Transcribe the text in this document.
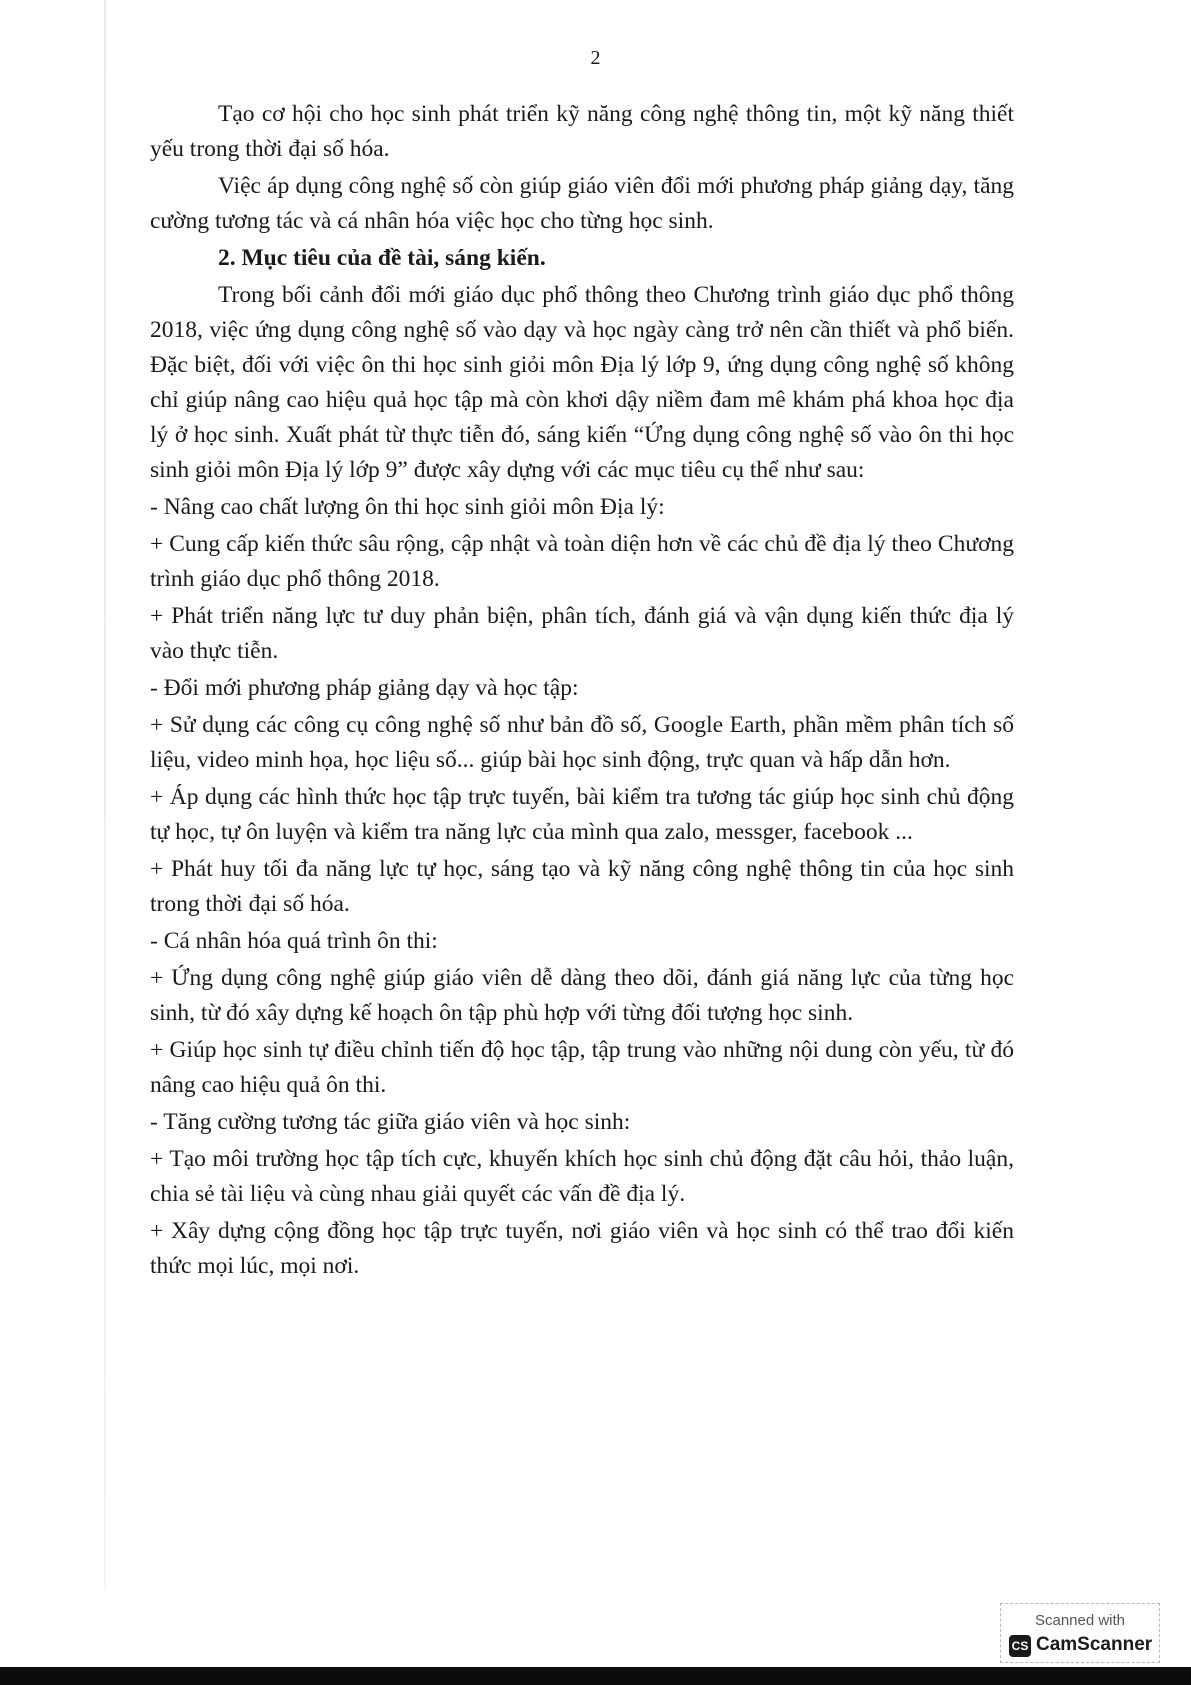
2

Tạo cơ hội cho học sinh phát triển kỹ năng công nghệ thông tin, một kỹ năng thiết yếu trong thời đại số hóa.

Việc áp dụng công nghệ số còn giúp giáo viên đổi mới phương pháp giảng dạy, tăng cường tương tác và cá nhân hóa việc học cho từng học sinh.

2. Mục tiêu của đề tài, sáng kiến.

Trong bối cảnh đổi mới giáo dục phổ thông theo Chương trình giáo dục phổ thông 2018, việc ứng dụng công nghệ số vào dạy và học ngày càng trở nên cần thiết và phổ biến. Đặc biệt, đối với việc ôn thi học sinh giỏi môn Địa lý lớp 9, ứng dụng công nghệ số không chỉ giúp nâng cao hiệu quả học tập mà còn khơi dậy niềm đam mê khám phá khoa học địa lý ở học sinh. Xuất phát từ thực tiễn đó, sáng kiến “Ứng dụng công nghệ số vào ôn thi học sinh giỏi môn Địa lý lớp 9” được xây dựng với các mục tiêu cụ thể như sau:

- Nâng cao chất lượng ôn thi học sinh giỏi môn Địa lý:

+ Cung cấp kiến thức sâu rộng, cập nhật và toàn diện hơn về các chủ đề địa lý theo Chương trình giáo dục phổ thông 2018.

+ Phát triển năng lực tư duy phản biện, phân tích, đánh giá và vận dụng kiến thức địa lý vào thực tiễn.

- Đổi mới phương pháp giảng dạy và học tập:

+ Sử dụng các công cụ công nghệ số như bản đồ số, Google Earth, phần mềm phân tích số liệu, video minh họa, học liệu số... giúp bài học sinh động, trực quan và hấp dẫn hơn.

+ Áp dụng các hình thức học tập trực tuyến, bài kiểm tra tương tác giúp học sinh chủ động tự học, tự ôn luyện và kiểm tra năng lực của mình qua zalo, messger, facebook ...

+ Phát huy tối đa năng lực tự học, sáng tạo và kỹ năng công nghệ thông tin của học sinh trong thời đại số hóa.

- Cá nhân hóa quá trình ôn thi:

+ Ứng dụng công nghệ giúp giáo viên dễ dàng theo dõi, đánh giá năng lực của từng học sinh, từ đó xây dựng kế hoạch ôn tập phù hợp với từng đối tượng học sinh.

+ Giúp học sinh tự điều chỉnh tiến độ học tập, tập trung vào những nội dung còn yếu, từ đó nâng cao hiệu quả ôn thi.

- Tăng cường tương tác giữa giáo viên và học sinh:

+ Tạo môi trường học tập tích cực, khuyến khích học sinh chủ động đặt câu hỏi, thảo luận, chia sẻ tài liệu và cùng nhau giải quyết các vấn đề địa lý.

+ Xây dựng cộng đồng học tập trực tuyến, nơi giáo viên và học sinh có thể trao đổi kiến thức mọi lúc, mọi nơi.

Scanned with
CS CamScanner
